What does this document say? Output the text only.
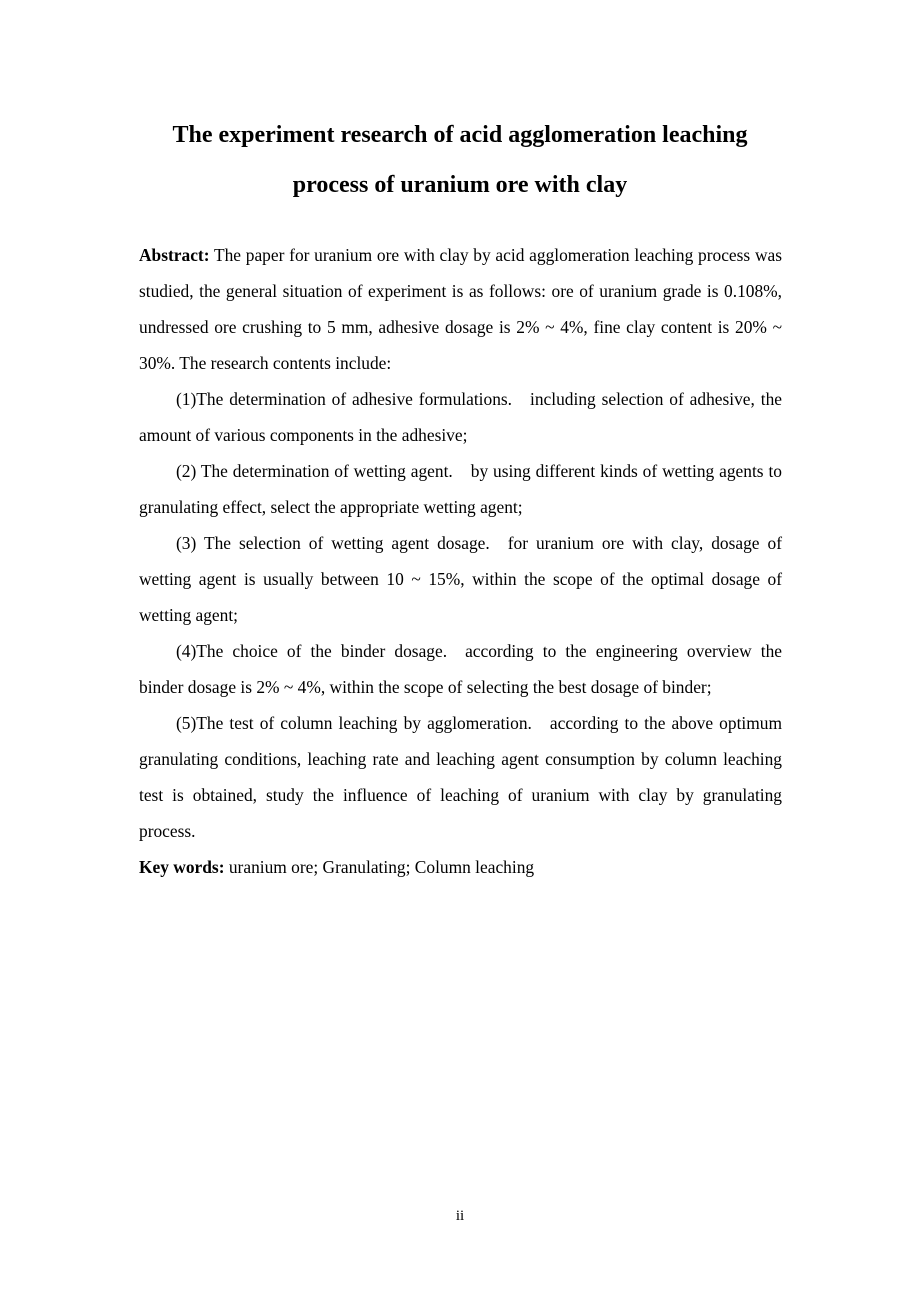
The experiment research of acid agglomeration leaching
process of uranium ore with clay

Abstract: The paper for uranium ore with clay by acid agglomeration leaching process was studied, the general situation of experiment is as follows: ore of uranium grade is 0.108%, undressed ore crushing to 5 mm, adhesive dosage is 2% ~ 4%, fine clay content is 20% ~ 30%. The research contents include:

(1)The determination of adhesive formulations. including selection of adhesive, the amount of various components in the adhesive;

(2) The determination of wetting agent. by using different kinds of wetting agents to granulating effect, select the appropriate wetting agent;

(3) The selection of wetting agent dosage. for uranium ore with clay, dosage of wetting agent is usually between 10 ~ 15%, within the scope of the optimal dosage of wetting agent;

(4)The choice of the binder dosage. according to the engineering overview the binder dosage is 2% ~ 4%, within the scope of selecting the best dosage of binder;

(5)The test of column leaching by agglomeration. according to the above optimum granulating conditions, leaching rate and leaching agent consumption by column leaching test is obtained, study the influence of leaching of uranium with clay by granulating process.

Key words: uranium ore; Granulating; Column leaching

ii
